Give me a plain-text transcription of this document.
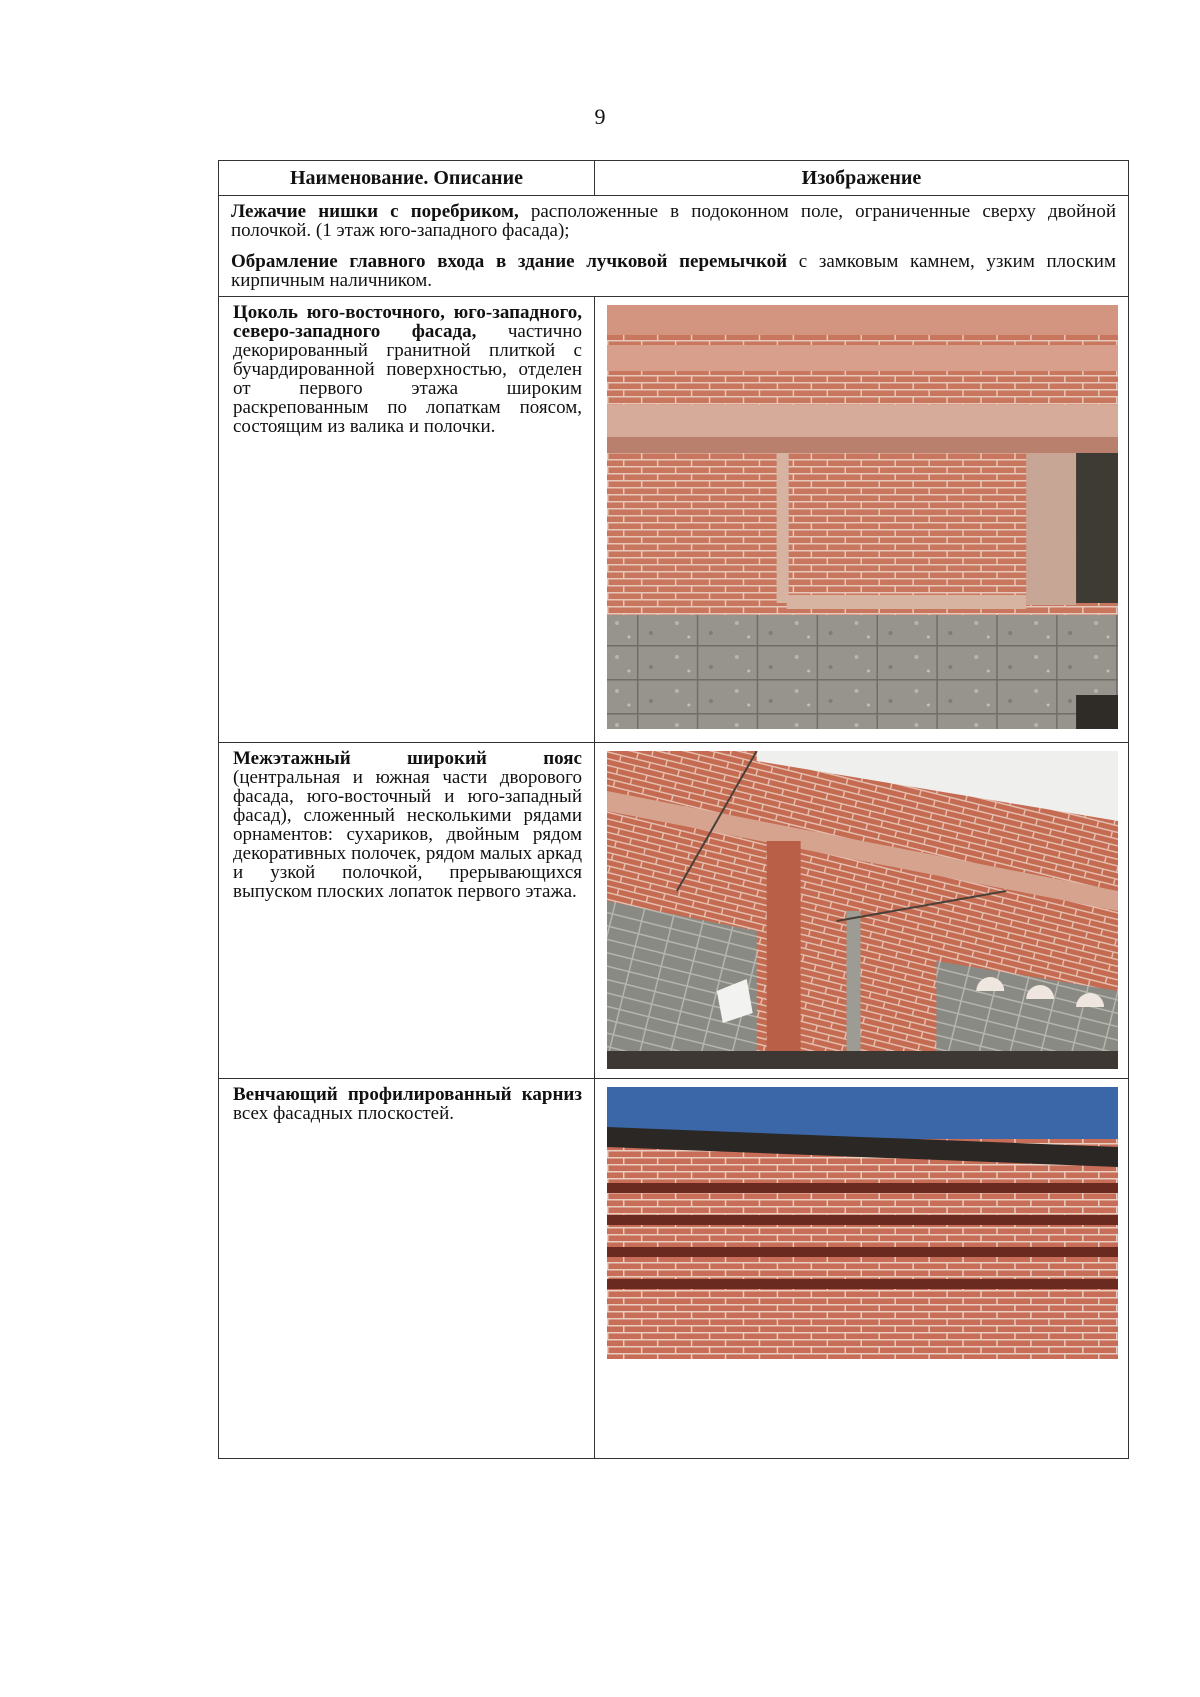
9
Наименование. Описание	Изображение

Лежачие нишки с поребриком, расположенные в подоконном поле, ограниченные сверху двойной полочкой. (1 этаж юго-западного фасада);

Обрамление главного входа в здание лучковой перемычкой с замковым камнем, узким плоским кирпичным наличником.	

Цоколь юго-восточного, юго-западного, северо-западного фасада, частично декорированный гранитной плиткой с бучардированной поверхностью, отделен от первого этажа широким раскрепованным по лопаткам поясом, состоящим из валика и полочки.	

Межэтажный широкий пояс (центральная и южная части дворового фасада, юго-восточный и юго-западный фасад), сложенный несколькими рядами орнаментов: сухариков, двойным рядом декоративных полочек, рядом малых аркад и узкой полочкой, прерывающихся выпуском плоских лопаток первого этажа.	

Венчающий профилированный карниз всех фасадных плоскостей.	
